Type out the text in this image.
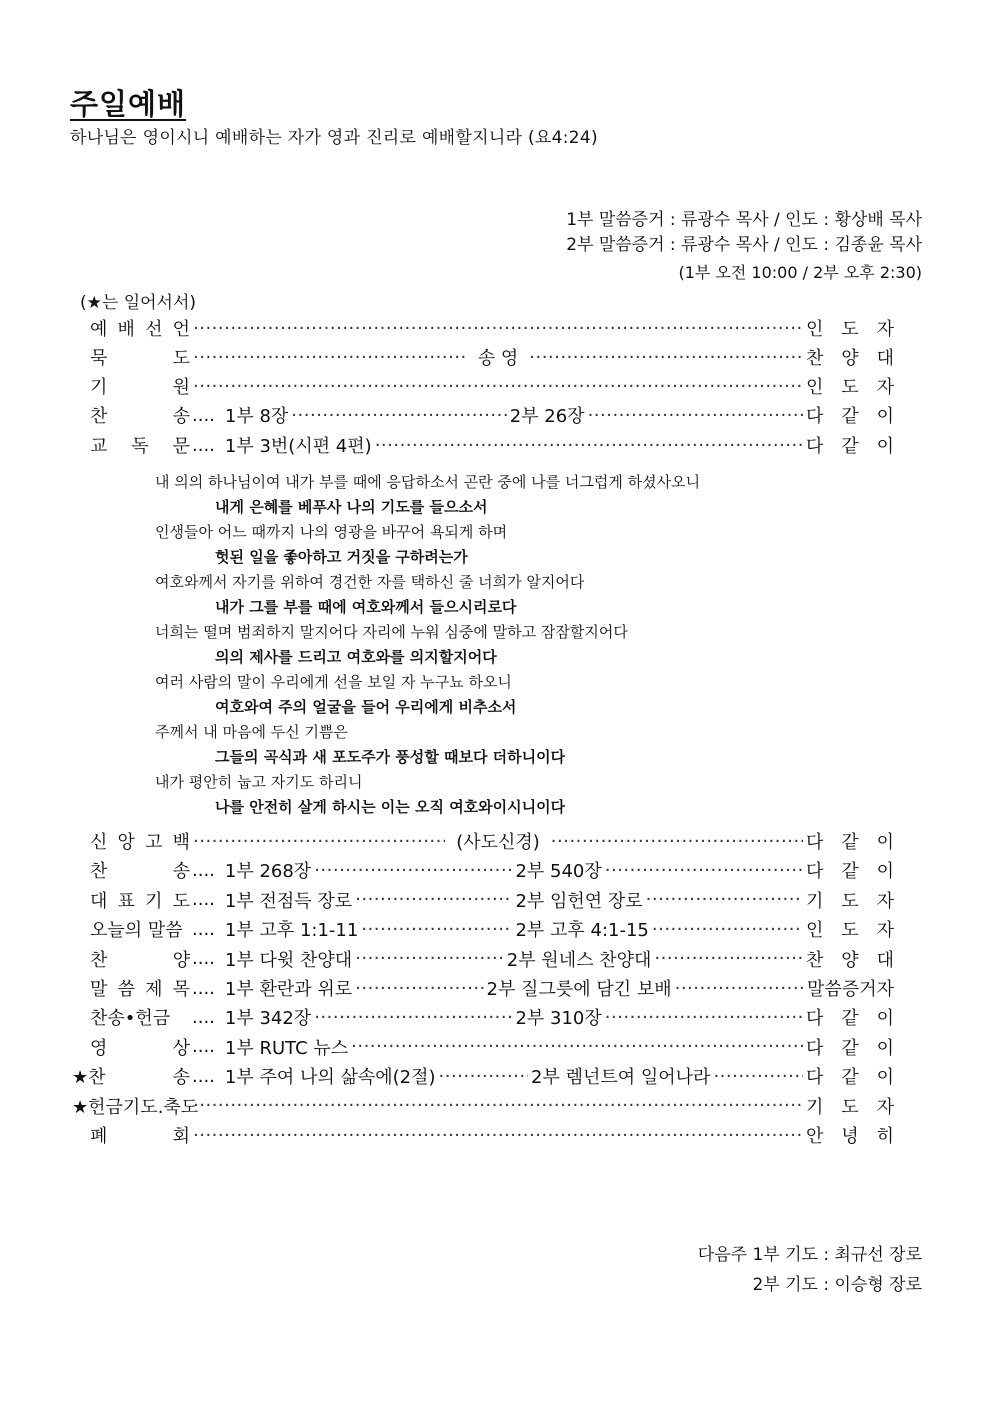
주일예배
하나님은 영이시니 예배하는 자가 영과 진리로 예배할지니라 (요4:24)
1부 말씀증거 : 류광수 목사 / 인도 : 황상배 목사
2부 말씀증거 : 류광수 목사 / 인도 : 김종윤 목사
(1부 오전 10:00 / 2부 오후 2:30)
(★는 일어서서)
예 배 선 언 ·····	인 도 자
묵	도 ·····	송 영 ·····	찬 양 대
기	원 ·····	인 도 자
찬	송 .... 1부 8장 ·····	2부 26장 ·····	다 같 이
교 독 문 .... 1부 3번(시편 4편) ·····	다 같 이
내 의의 하나님이여 내가 부를 때에 응답하소서 곤란 중에 나를 너그럽게 하셨사오니
내게 은혜를 베푸사 나의 기도를 들으소서
인생들아 어느 때까지 나의 영광을 바꾸어 욕되게 하며
헛된 일을 좋아하고 거짓을 구하려는가
여호와께서 자기를 위하여 경건한 자를 택하신 줄 너희가 알지어다
내가 그를 부를 때에 여호와께서 들으시리로다
너희는 떨며 범죄하지 말지어다 자리에 누워 심중에 말하고 잠잠할지어다
의의 제사를 드리고 여호와를 의지할지어다
여러 사람의 말이 우리에게 선을 보일 자 누구뇨 하오니
여호와여 주의 얼굴을 들어 우리에게 비추소서
주께서 내 마음에 두신 기쁨은
그들의 곡식과 새 포도주가 풍성할 때보다 더하니이다
내가 평안히 눕고 자기도 하리니
나를 안전히 살게 하시는 이는 오직 여호와이시니이다
신 앙 고 백 ·····	(사도신경) ·····	다 같 이
찬	송 .... 1부 268장 ·····	2부 540장 ·····	다 같 이
대 표 기 도 .... 1부 전점득 장로 ·····	2부 임헌연 장로 ·····	기 도 자
오늘의 말씀 .... 1부 고후 1:1-11 ·····	2부 고후 4:1-15 ·····	인 도 자
찬	양 .... 1부 다윗 찬양대 ·····	2부 원네스 찬양대 ·····	찬 양 대
말 씀 제 목 .... 1부 환란과 위로 ·····	2부 질그릇에 담긴 보배 ·····	말씀증거자
찬송•헌금 .... 1부 342장 ·····	2부 310장 ·····	다 같 이
영	상 .... 1부 RUTC 뉴스 ·····	다 같 이
★찬	송 .... 1부 주여 나의 삶속에(2절) ·····	2부 렘넌트여 일어나라 ·····	다 같 이
★헌금기도.축도 ·····	기 도 자
폐	회 ·····	안 녕 히
다음주 1부 기도 : 최규선 장로
2부 기도 : 이승형 장로
